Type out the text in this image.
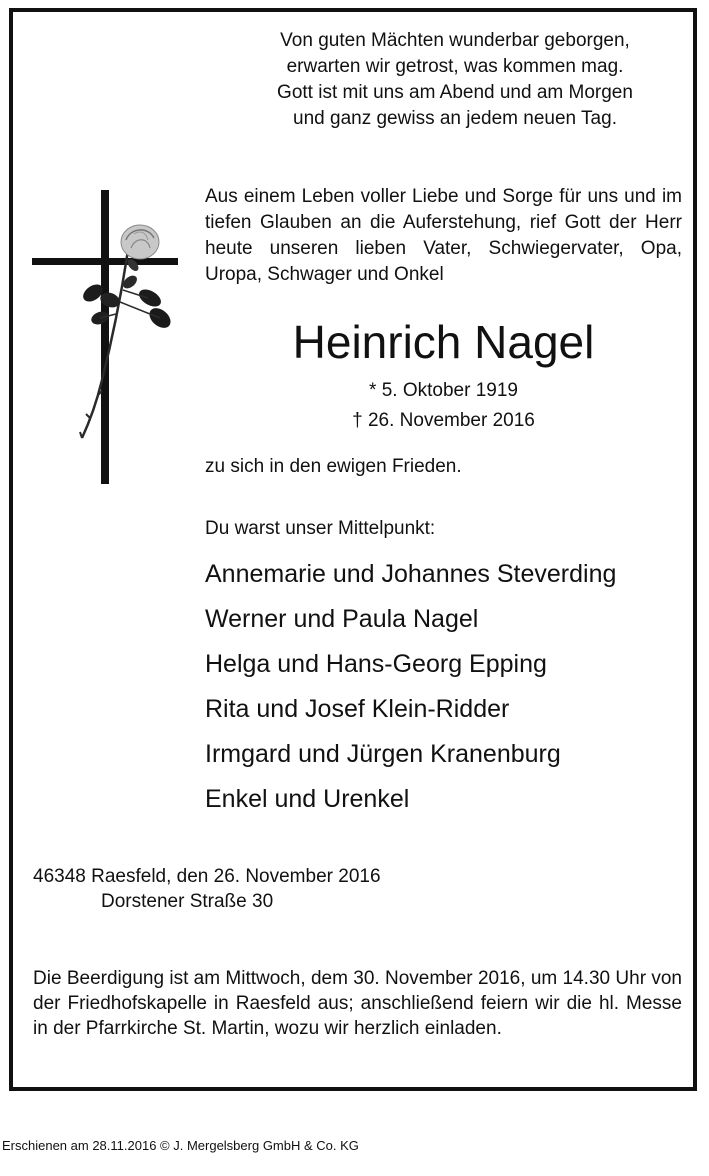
Von guten Mächten wunderbar geborgen,
erwarten wir getrost, was kommen mag.
Gott ist mit uns am Abend und am Morgen
und ganz gewiss an jedem neuen Tag.
Aus einem Leben voller Liebe und Sorge für uns und im tiefen Glauben an die Auferstehung, rief Gott der Herr heute unseren lieben Vater, Schwiegervater, Opa, Uropa, Schwager und Onkel
Heinrich Nagel
* 5. Oktober 1919
† 26. November 2016
zu sich in den ewigen Frieden.
Du warst unser Mittelpunkt:
Annemarie und Johannes Steverding
Werner und Paula Nagel
Helga und Hans-Georg Epping
Rita und Josef Klein-Ridder
Irmgard und Jürgen Kranenburg
Enkel und Urenkel
46348 Raesfeld, den 26. November 2016
Dorstener Straße 30
Die Beerdigung ist am Mittwoch, dem 30. November 2016, um 14.30 Uhr von der Friedhofskapelle in Raesfeld aus; anschließend feiern wir die hl. Messe in der Pfarrkirche St. Martin, wozu wir herzlich einladen.
Erschienen am 28.11.2016 © J. Mergelsberg GmbH & Co. KG
